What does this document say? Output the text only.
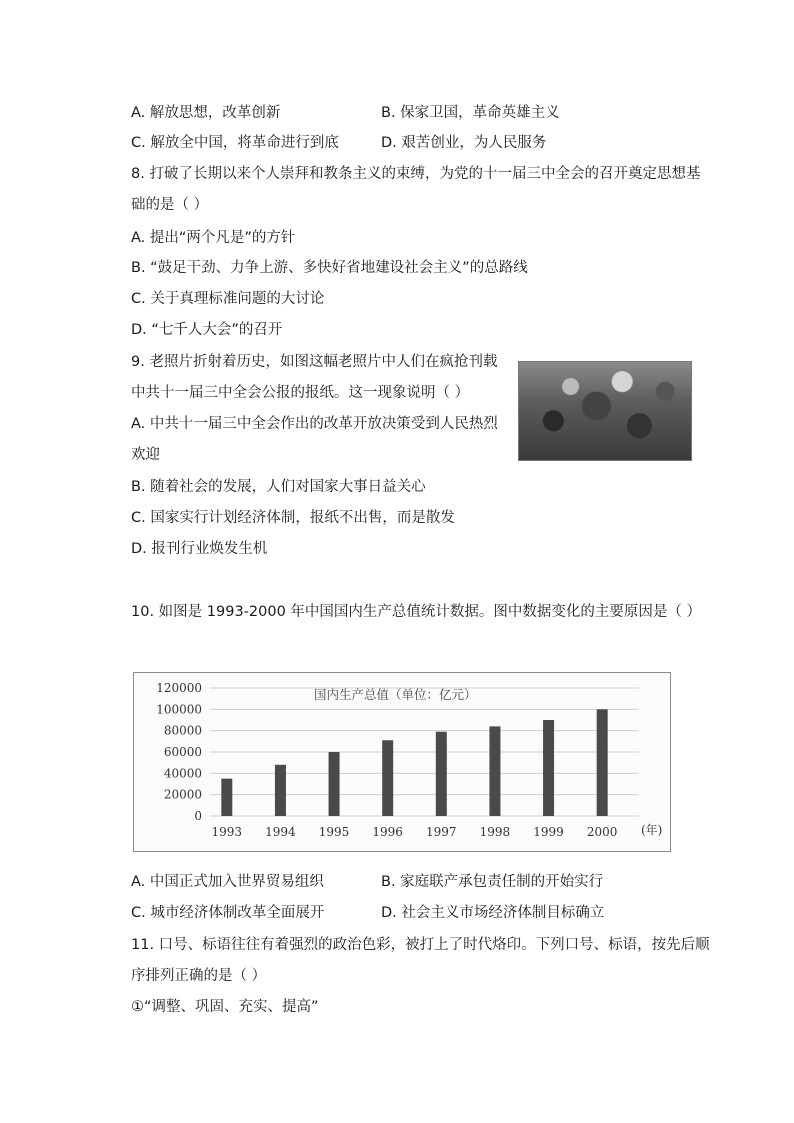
A. 解放思想，改革创新	B. 保家卫国，革命英雄主义
C. 解放全中国，将革命进行到底	D. 艰苦创业，为人民服务
8. 打破了长期以来个人崇拜和教条主义的束缚，为党的十一届三中全会的召开奠定思想基
础的是（ ）
A. 提出“两个凡是”的方针
B. “鼓足干劲、力争上游、多快好省地建设社会主义”的总路线
C. 关于真理标准问题的大讨论
D. “七千人大会”的召开
9. 老照片折射着历史，如图这幅老照片中人们在疯抢刊载
中共十一届三中全会公报的报纸。这一现象说明（ ）
A. 中共十一届三中全会作出的改革开放决策受到人民热烈
欢迎
B. 随着社会的发展，人们对国家大事日益关心
C. 国家实行计划经济体制，报纸不出售，而是散发
D. 报刊行业焕发生机
10. 如图是 1993-2000 年中国国内生产总值统计数据。图中数据变化的主要原因是（ ）
120000
100000
80000
60000
40000
20000
0
国内生产总值（单位：亿元）
1993 1994 1995 1996 1997 1998 1999 2000 (年)
A. 中国正式加入世界贸易组织	B. 家庭联产承包责任制的开始实行
C. 城市经济体制改革全面展开	D. 社会主义市场经济体制目标确立
11. 口号、标语往往有着强烈的政治色彩，被打上了时代烙印。下列口号、标语，按先后顺
序排列正确的是（ ）
①“调整、巩固、充实、提高”
